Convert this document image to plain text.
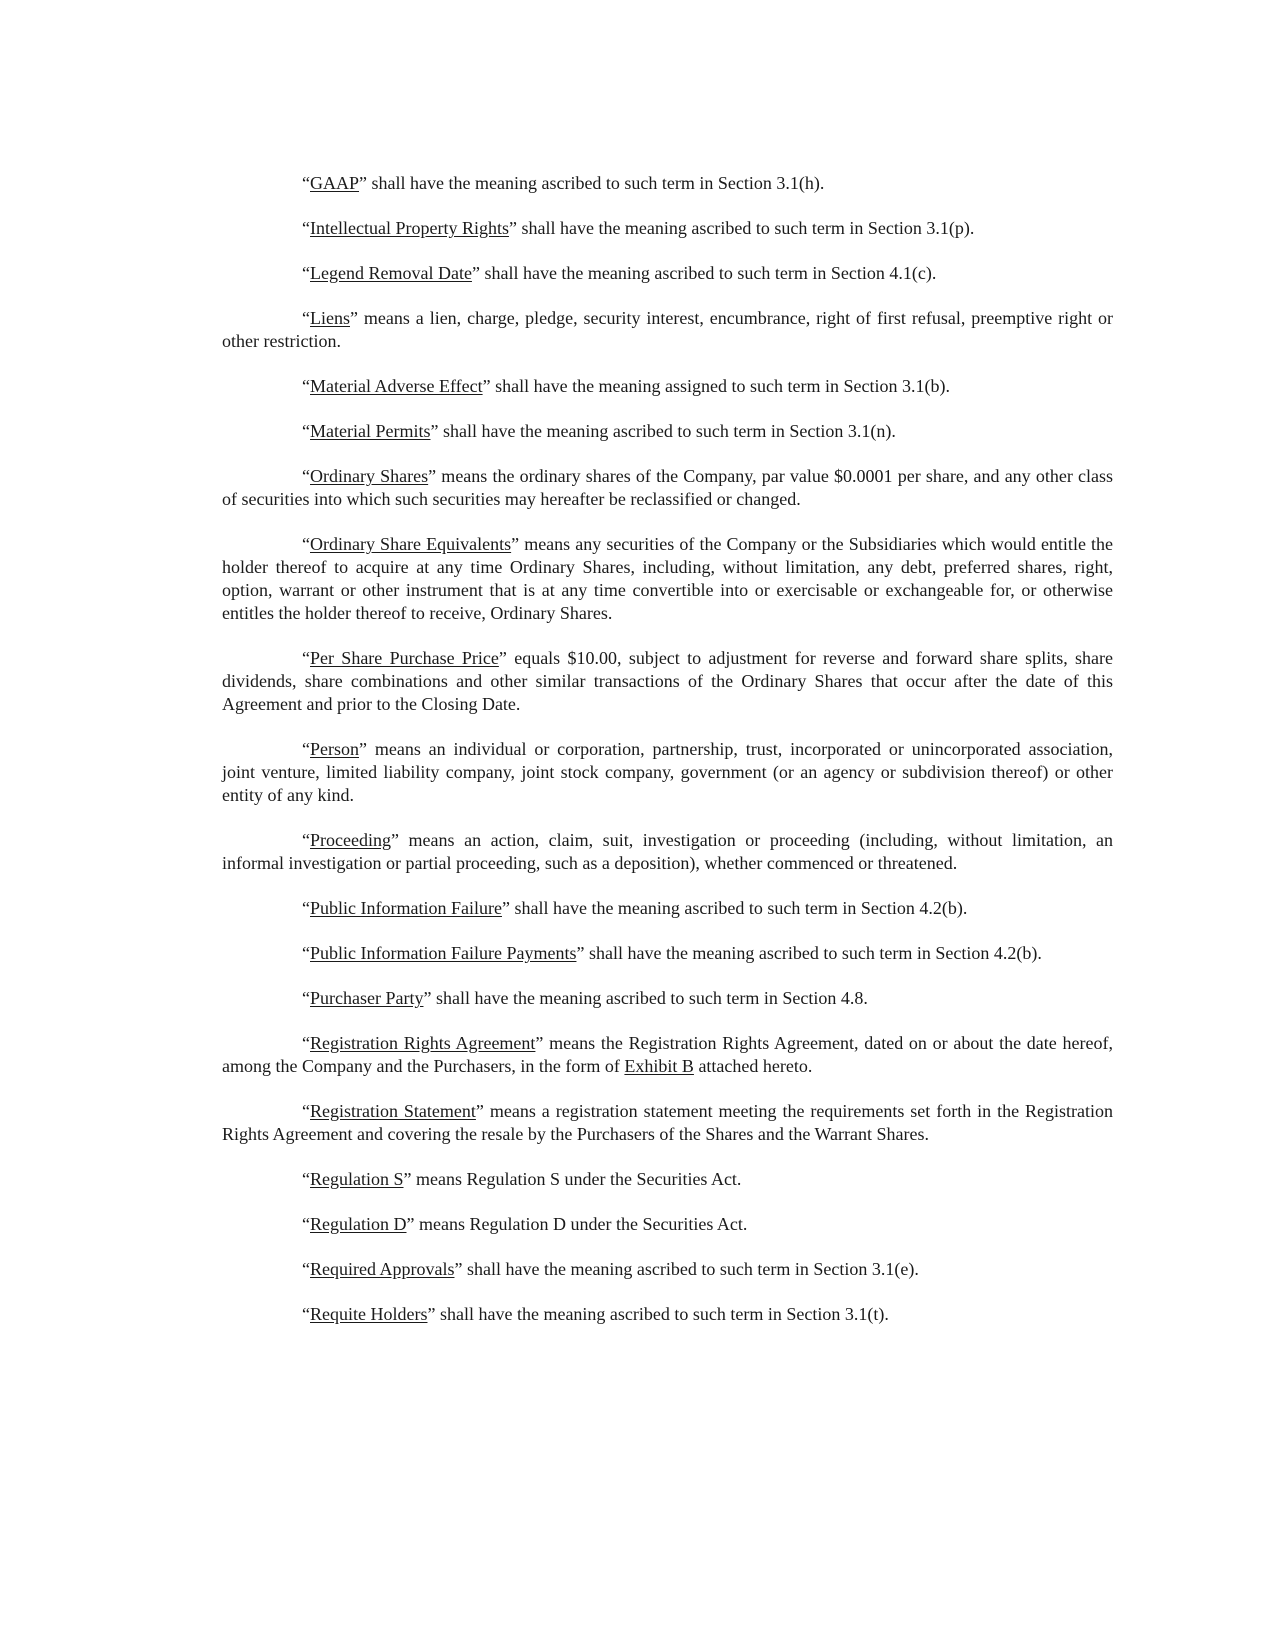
“GAAP” shall have the meaning ascribed to such term in Section 3.1(h).

“Intellectual Property Rights” shall have the meaning ascribed to such term in Section 3.1(p).

“Legend Removal Date” shall have the meaning ascribed to such term in Section 4.1(c).

“Liens” means a lien, charge, pledge, security interest, encumbrance, right of first refusal, preemptive right or other restriction.

“Material Adverse Effect” shall have the meaning assigned to such term in Section 3.1(b).

“Material Permits” shall have the meaning ascribed to such term in Section 3.1(n).

“Ordinary Shares” means the ordinary shares of the Company, par value $0.0001 per share, and any other class of securities into which such securities may hereafter be reclassified or changed.

“Ordinary Share Equivalents” means any securities of the Company or the Subsidiaries which would entitle the holder thereof to acquire at any time Ordinary Shares, including, without limitation, any debt, preferred shares, right, option, warrant or other instrument that is at any time convertible into or exercisable or exchangeable for, or otherwise entitles the holder thereof to receive, Ordinary Shares.

“Per Share Purchase Price” equals $10.00, subject to adjustment for reverse and forward share splits, share dividends, share combinations and other similar transactions of the Ordinary Shares that occur after the date of this Agreement and prior to the Closing Date.

“Person” means an individual or corporation, partnership, trust, incorporated or unincorporated association, joint venture, limited liability company, joint stock company, government (or an agency or subdivision thereof) or other entity of any kind.

“Proceeding” means an action, claim, suit, investigation or proceeding (including, without limitation, an informal investigation or partial proceeding, such as a deposition), whether commenced or threatened.

“Public Information Failure” shall have the meaning ascribed to such term in Section 4.2(b).

“Public Information Failure Payments” shall have the meaning ascribed to such term in Section 4.2(b).

“Purchaser Party” shall have the meaning ascribed to such term in Section 4.8.

“Registration Rights Agreement” means the Registration Rights Agreement, dated on or about the date hereof, among the Company and the Purchasers, in the form of Exhibit B attached hereto.

“Registration Statement” means a registration statement meeting the requirements set forth in the Registration Rights Agreement and covering the resale by the Purchasers of the Shares and the Warrant Shares.

“Regulation S” means Regulation S under the Securities Act.

“Regulation D” means Regulation D under the Securities Act.

“Required Approvals” shall have the meaning ascribed to such term in Section 3.1(e).

“Requite Holders” shall have the meaning ascribed to such term in Section 3.1(t).
